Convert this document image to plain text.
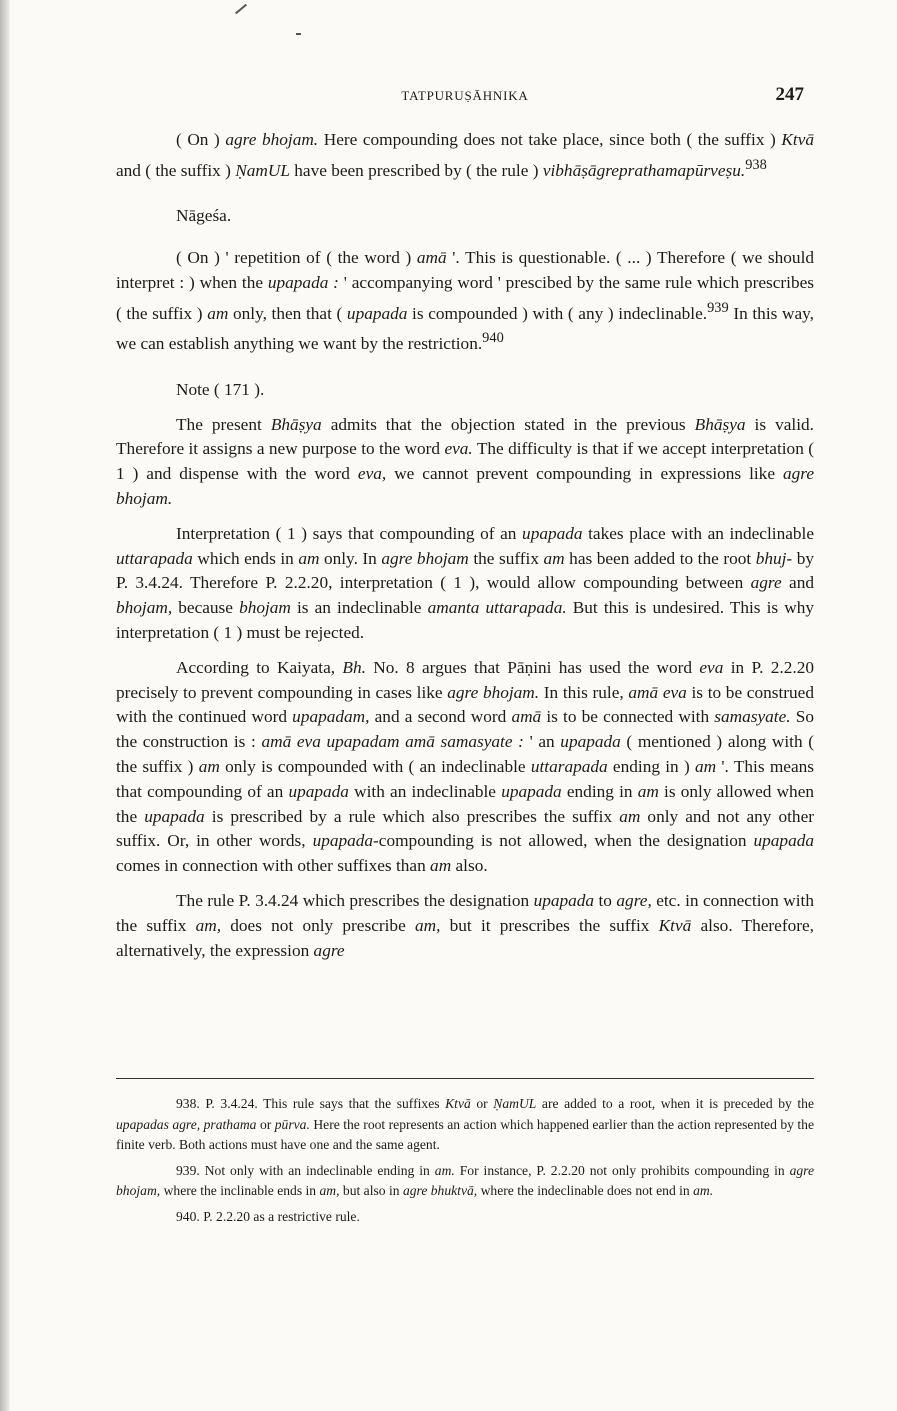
TATPURUṢĀHNIKA	247

( On ) agre bhojam. Here compounding does not take place, since both ( the suffix ) Ktvā and ( the suffix ) ṆamUL have been prescribed by ( the rule ) vibhāṣāgreprathamapūrveṣu.$^{938}$

Nāgeśa.

( On ) ' repetition of ( the word ) amā '. This is questionable. ( ... ) Therefore ( we should interpret : ) when the upapada : ' accompanying word ' prescibed by the same rule which prescribes ( the suffix ) am only, then that ( upapada is compounded ) with ( any ) indeclinable.$^{939}$ In this way, we can establish anything we want by the restriction.$^{940}$

Note ( 171 ).

The present Bhāṣya admits that the objection stated in the previous Bhāṣya is valid. Therefore it assigns a new purpose to the word eva. The difficulty is that if we accept interpretation ( 1 ) and dispense with the word eva, we cannot prevent compounding in expressions like agre bhojam.

Interpretation ( 1 ) says that compounding of an upapada takes place with an indeclinable uttarapada which ends in am only. In agre bhojam the suffix am has been added to the root bhuj- by P. 3.4.24. Therefore P. 2.2.20, interpretation ( 1 ), would allow compounding between agre and bhojam, because bhojam is an indeclinable amanta uttarapada. But this is undesired. This is why interpretation ( 1 ) must be rejected.

According to Kaiyata, Bh. No. 8 argues that Pāṇini has used the word eva in P. 2.2.20 precisely to prevent compounding in cases like agre bhojam. In this rule, amā eva is to be construed with the continued word upapadam, and a second word amā is to be connected with samasyate. So the construction is : amā eva upapadam amā samasyate : ' an upapada ( mentioned ) along with ( the suffix ) am only is compounded with ( an indeclinable uttarapada ending in ) am '. This means that compounding of an upapada with an indeclinable upapada ending in am is only allowed when the upapada is prescribed by a rule which also prescribes the suffix am only and not any other suffix. Or, in other words, upapada-compounding is not allowed, when the designation upapada comes in connection with other suffixes than am also.

The rule P. 3.4.24 which prescribes the designation upapada to agre, etc. in connection with the suffix am, does not only prescribe am, but it prescribes the suffix Ktvā also. Therefore, alternatively, the expression agre

938. P. 3.4.24. This rule says that the suffixes Ktvā or ṆamUL are added to a root, when it is preceded by the upapadas agre, prathama or pūrva. Here the root represents an action which happened earlier than the action represented by the finite verb. Both actions must have one and the same agent.

939. Not only with an indeclinable ending in am. For instance, P. 2.2.20 not only prohibits compounding in agre bhojam, where the inclinable ends in am, but also in agre bhuktvā, where the indeclinable does not end in am.

940. P. 2.2.20 as a restrictive rule.
